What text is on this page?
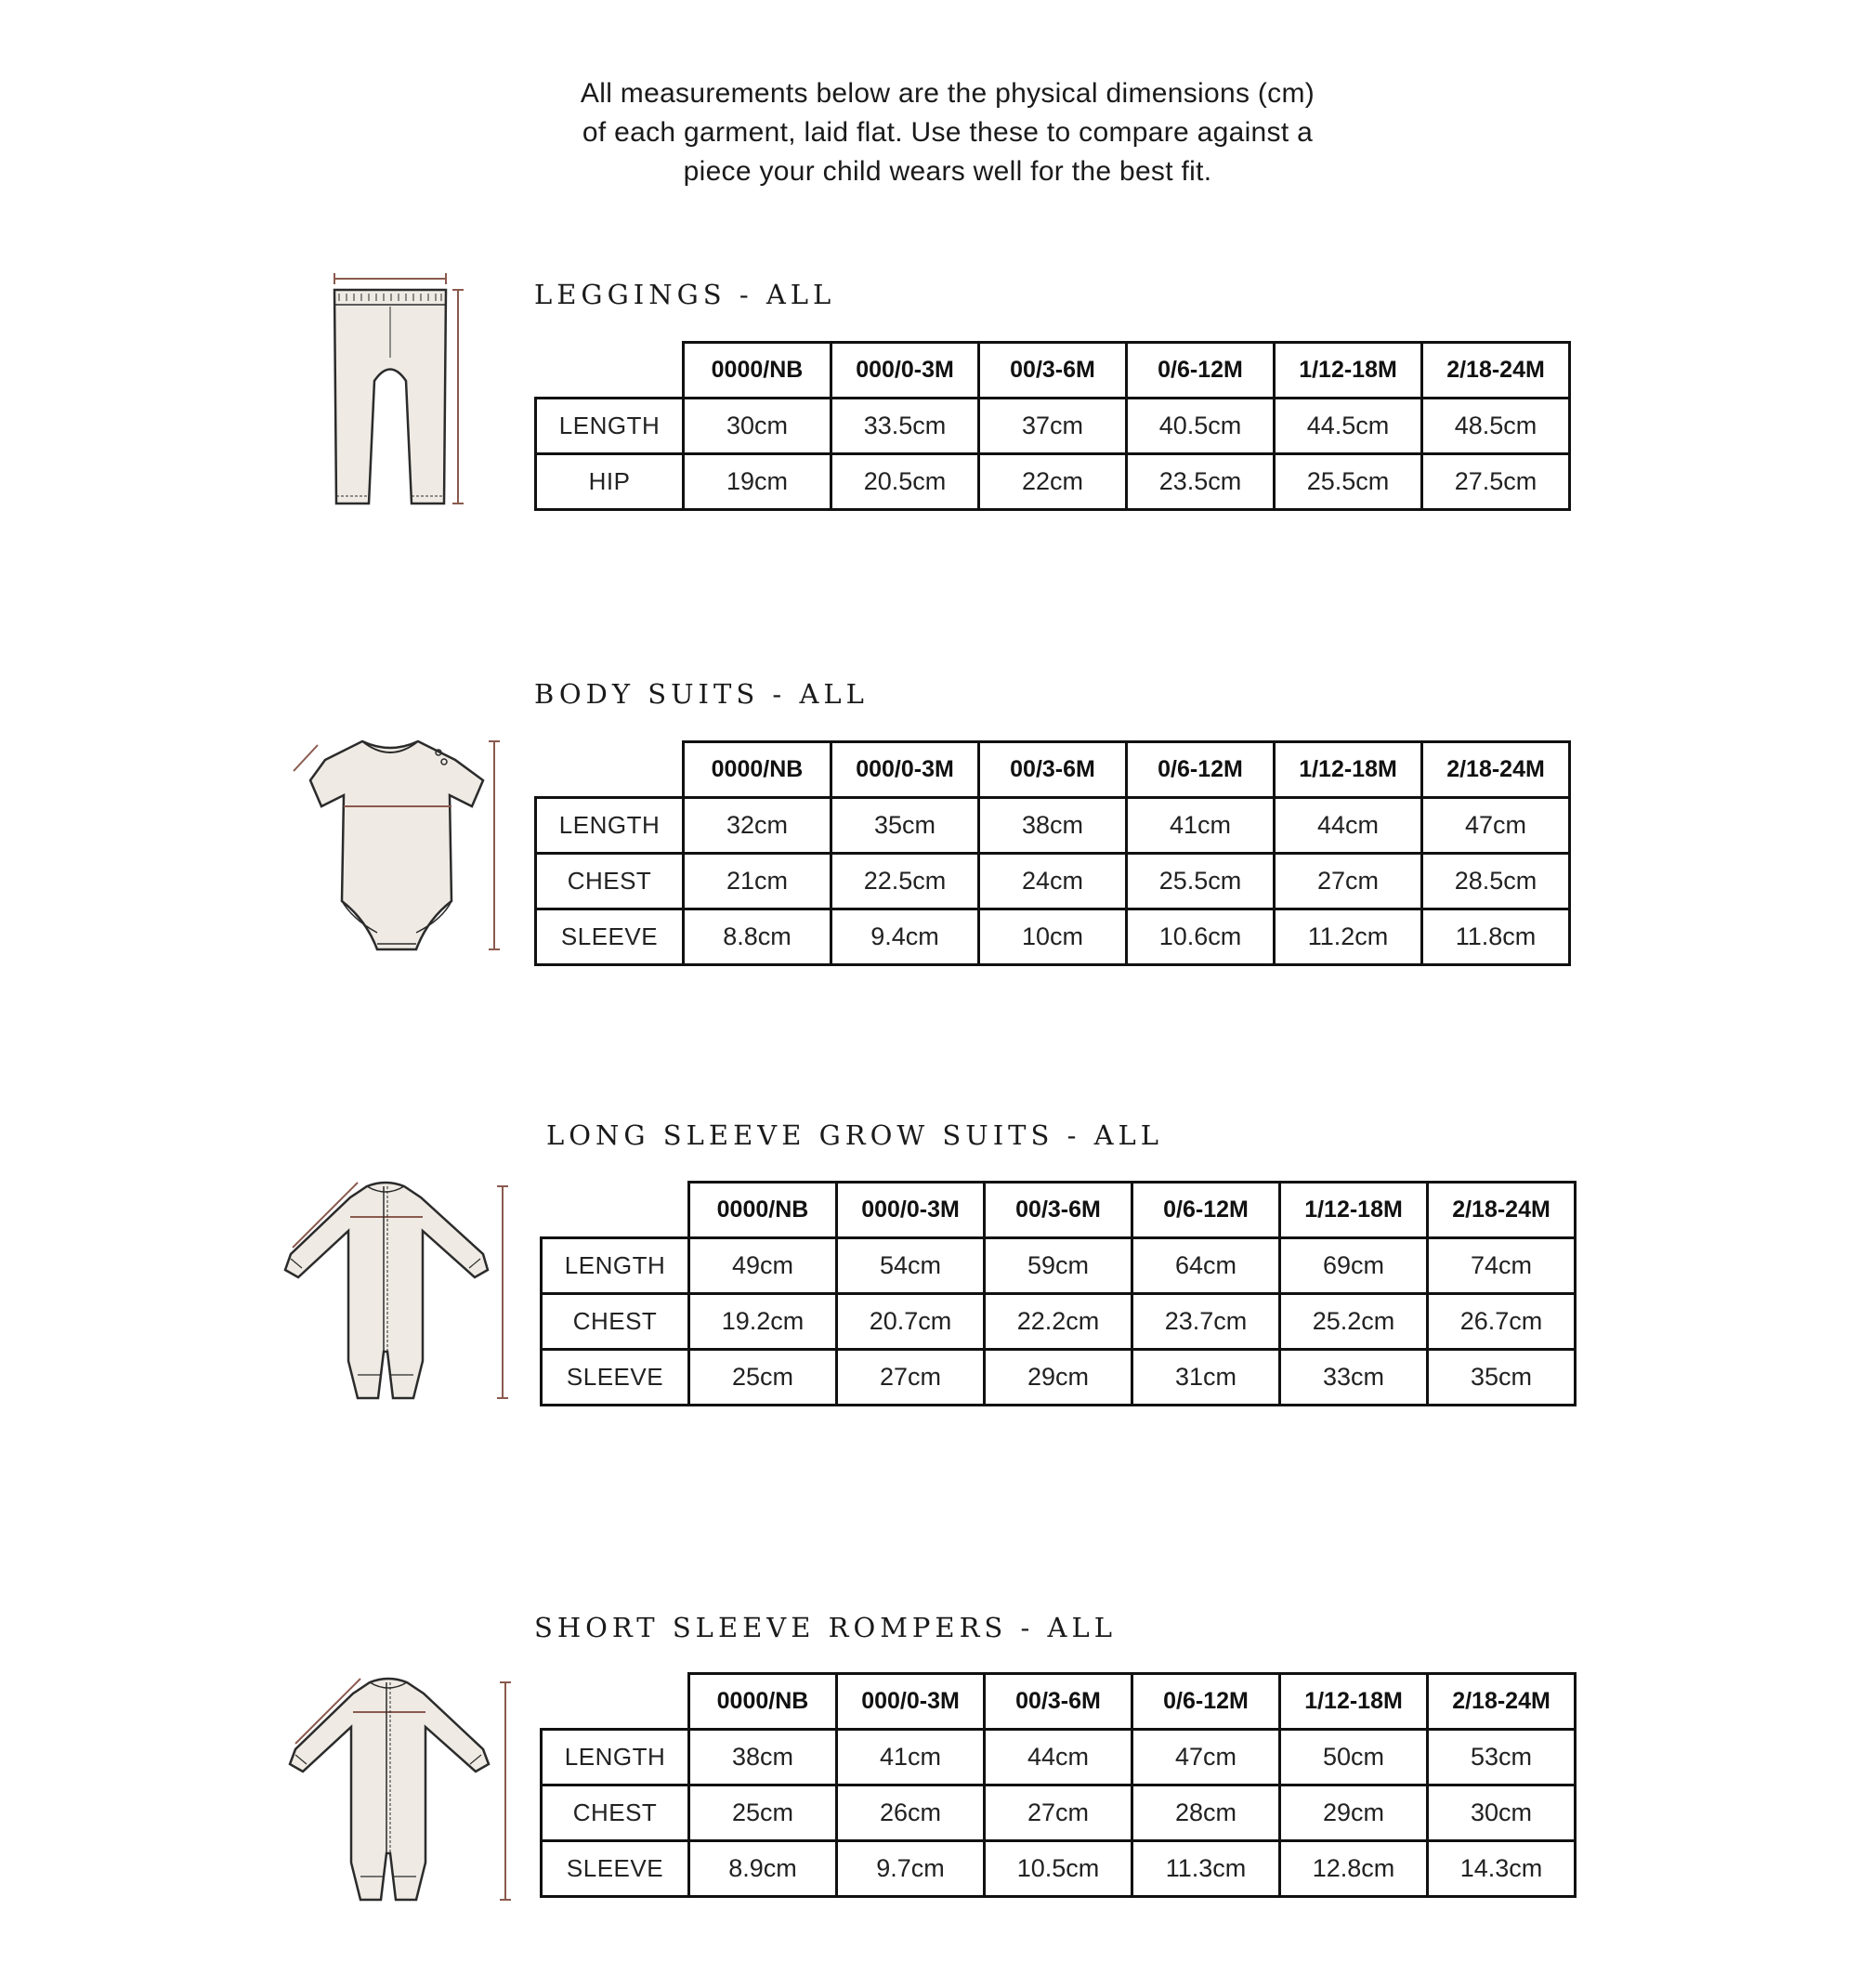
All measurements below are the physical dimensions (cm)
of each garment, laid flat. Use these to compare against a
piece your child wears well for the best fit.
LEGGINGS - ALL
	0000/NB	000/0-3M	00/3-6M	0/6-12M	1/12-18M	2/18-24M
LENGTH	30cm	33.5cm	37cm	40.5cm	44.5cm	48.5cm
HIP	19cm	20.5cm	22cm	23.5cm	25.5cm	27.5cm
BODY SUITS - ALL
	0000/NB	000/0-3M	00/3-6M	0/6-12M	1/12-18M	2/18-24M
LENGTH	32cm	35cm	38cm	41cm	44cm	47cm
CHEST	21cm	22.5cm	24cm	25.5cm	27cm	28.5cm
SLEEVE	8.8cm	9.4cm	10cm	10.6cm	11.2cm	11.8cm
LONG SLEEVE GROW SUITS - ALL
	0000/NB	000/0-3M	00/3-6M	0/6-12M	1/12-18M	2/18-24M
LENGTH	49cm	54cm	59cm	64cm	69cm	74cm
CHEST	19.2cm	20.7cm	22.2cm	23.7cm	25.2cm	26.7cm
SLEEVE	25cm	27cm	29cm	31cm	33cm	35cm
SHORT SLEEVE ROMPERS - ALL
	0000/NB	000/0-3M	00/3-6M	0/6-12M	1/12-18M	2/18-24M
LENGTH	38cm	41cm	44cm	47cm	50cm	53cm
CHEST	25cm	26cm	27cm	28cm	29cm	30cm
SLEEVE	8.9cm	9.7cm	10.5cm	11.3cm	12.8cm	14.3cm
